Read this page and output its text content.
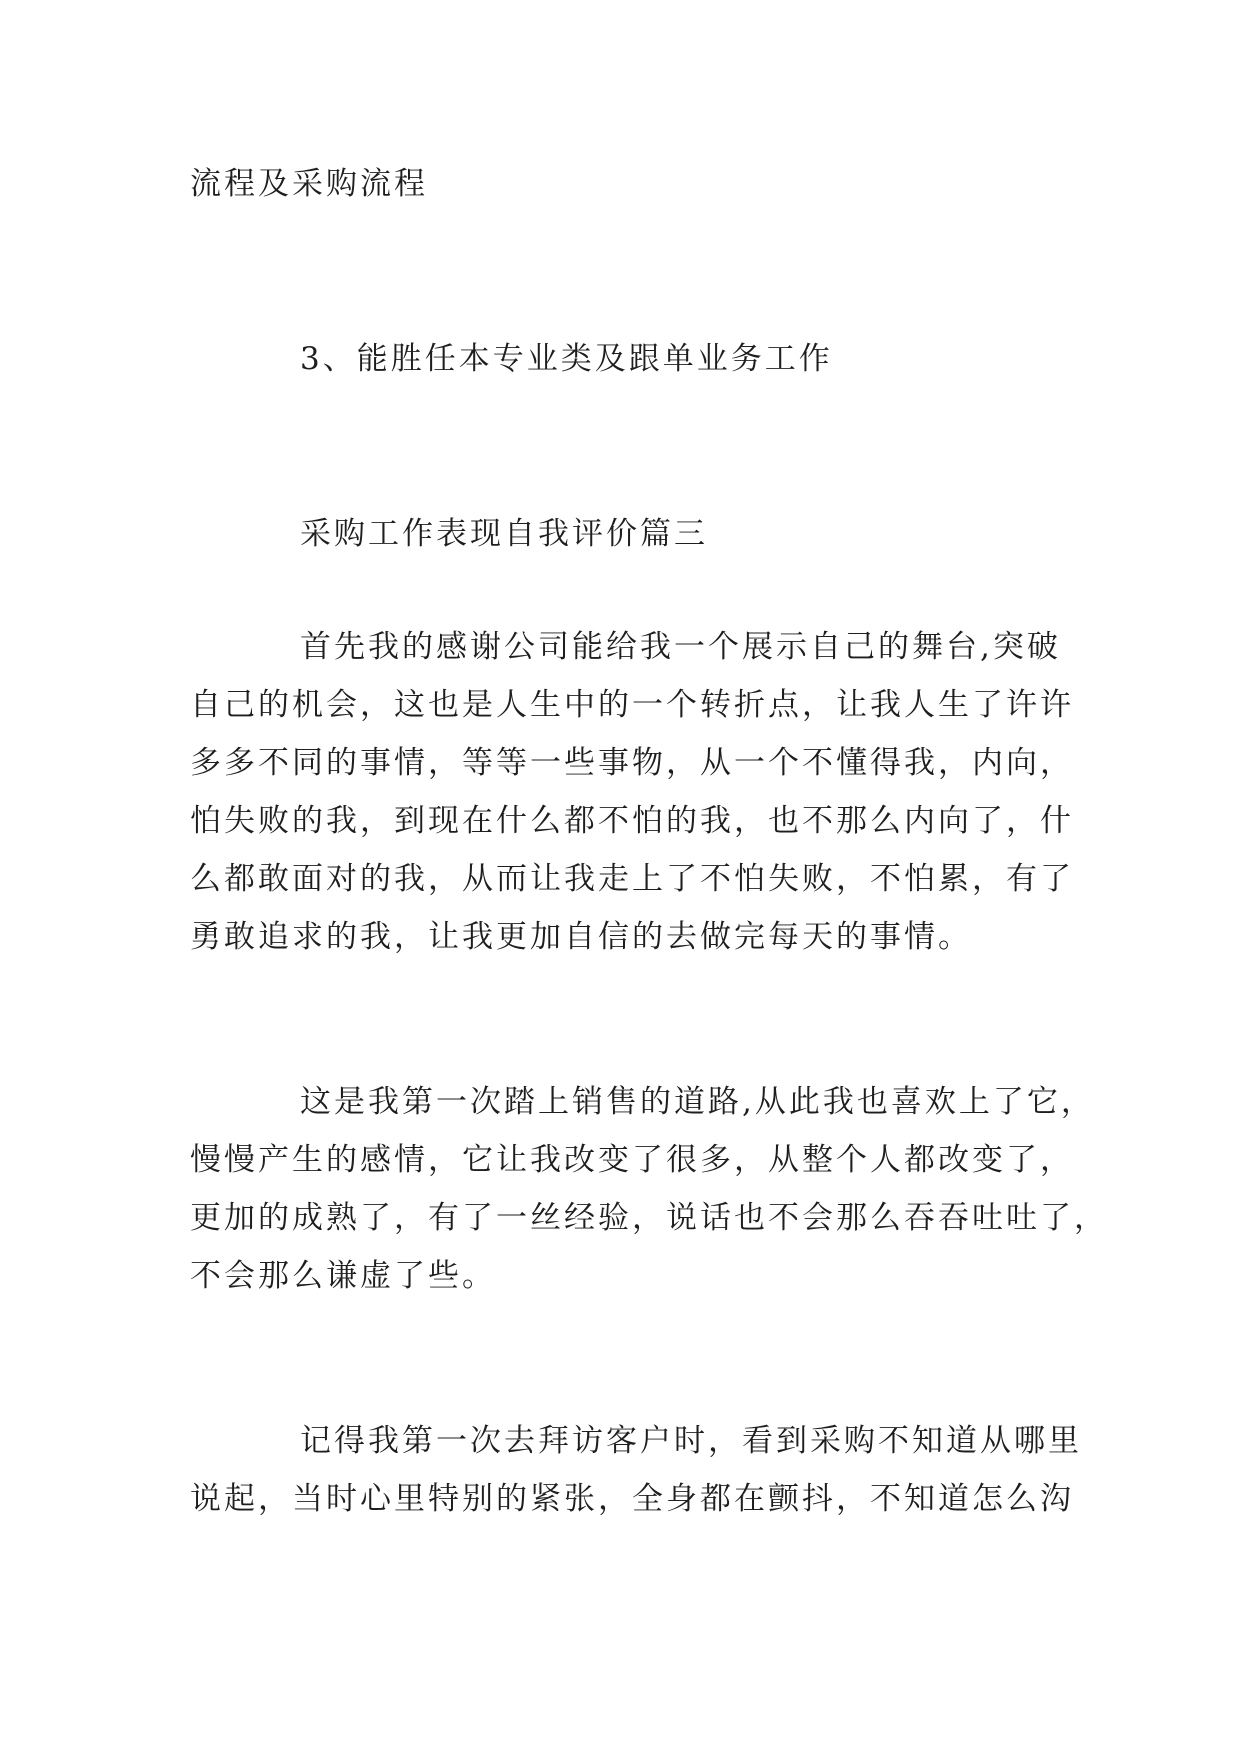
流程及采购流程
3、能胜任本专业类及跟单业务工作
采购工作表现自我评价篇三
首先我的感谢公司能给我一个展示自己的舞台,突破
自己的机会，这也是人生中的一个转折点，让我人生了许许
多多不同的事情，等等一些事物，从一个不懂得我，内向，
怕失败的我，到现在什么都不怕的我，也不那么内向了，什
么都敢面对的我，从而让我走上了不怕失败，不怕累，有了
勇敢追求的我，让我更加自信的去做完每天的事情。
这是我第一次踏上销售的道路,从此我也喜欢上了它，
慢慢产生的感情，它让我改变了很多，从整个人都改变了，
更加的成熟了，有了一丝经验，说话也不会那么吞吞吐吐了，
不会那么谦虚了些。
记得我第一次去拜访客户时，看到采购不知道从哪里
说起，当时心里特别的紧张，全身都在颤抖，不知道怎么沟
